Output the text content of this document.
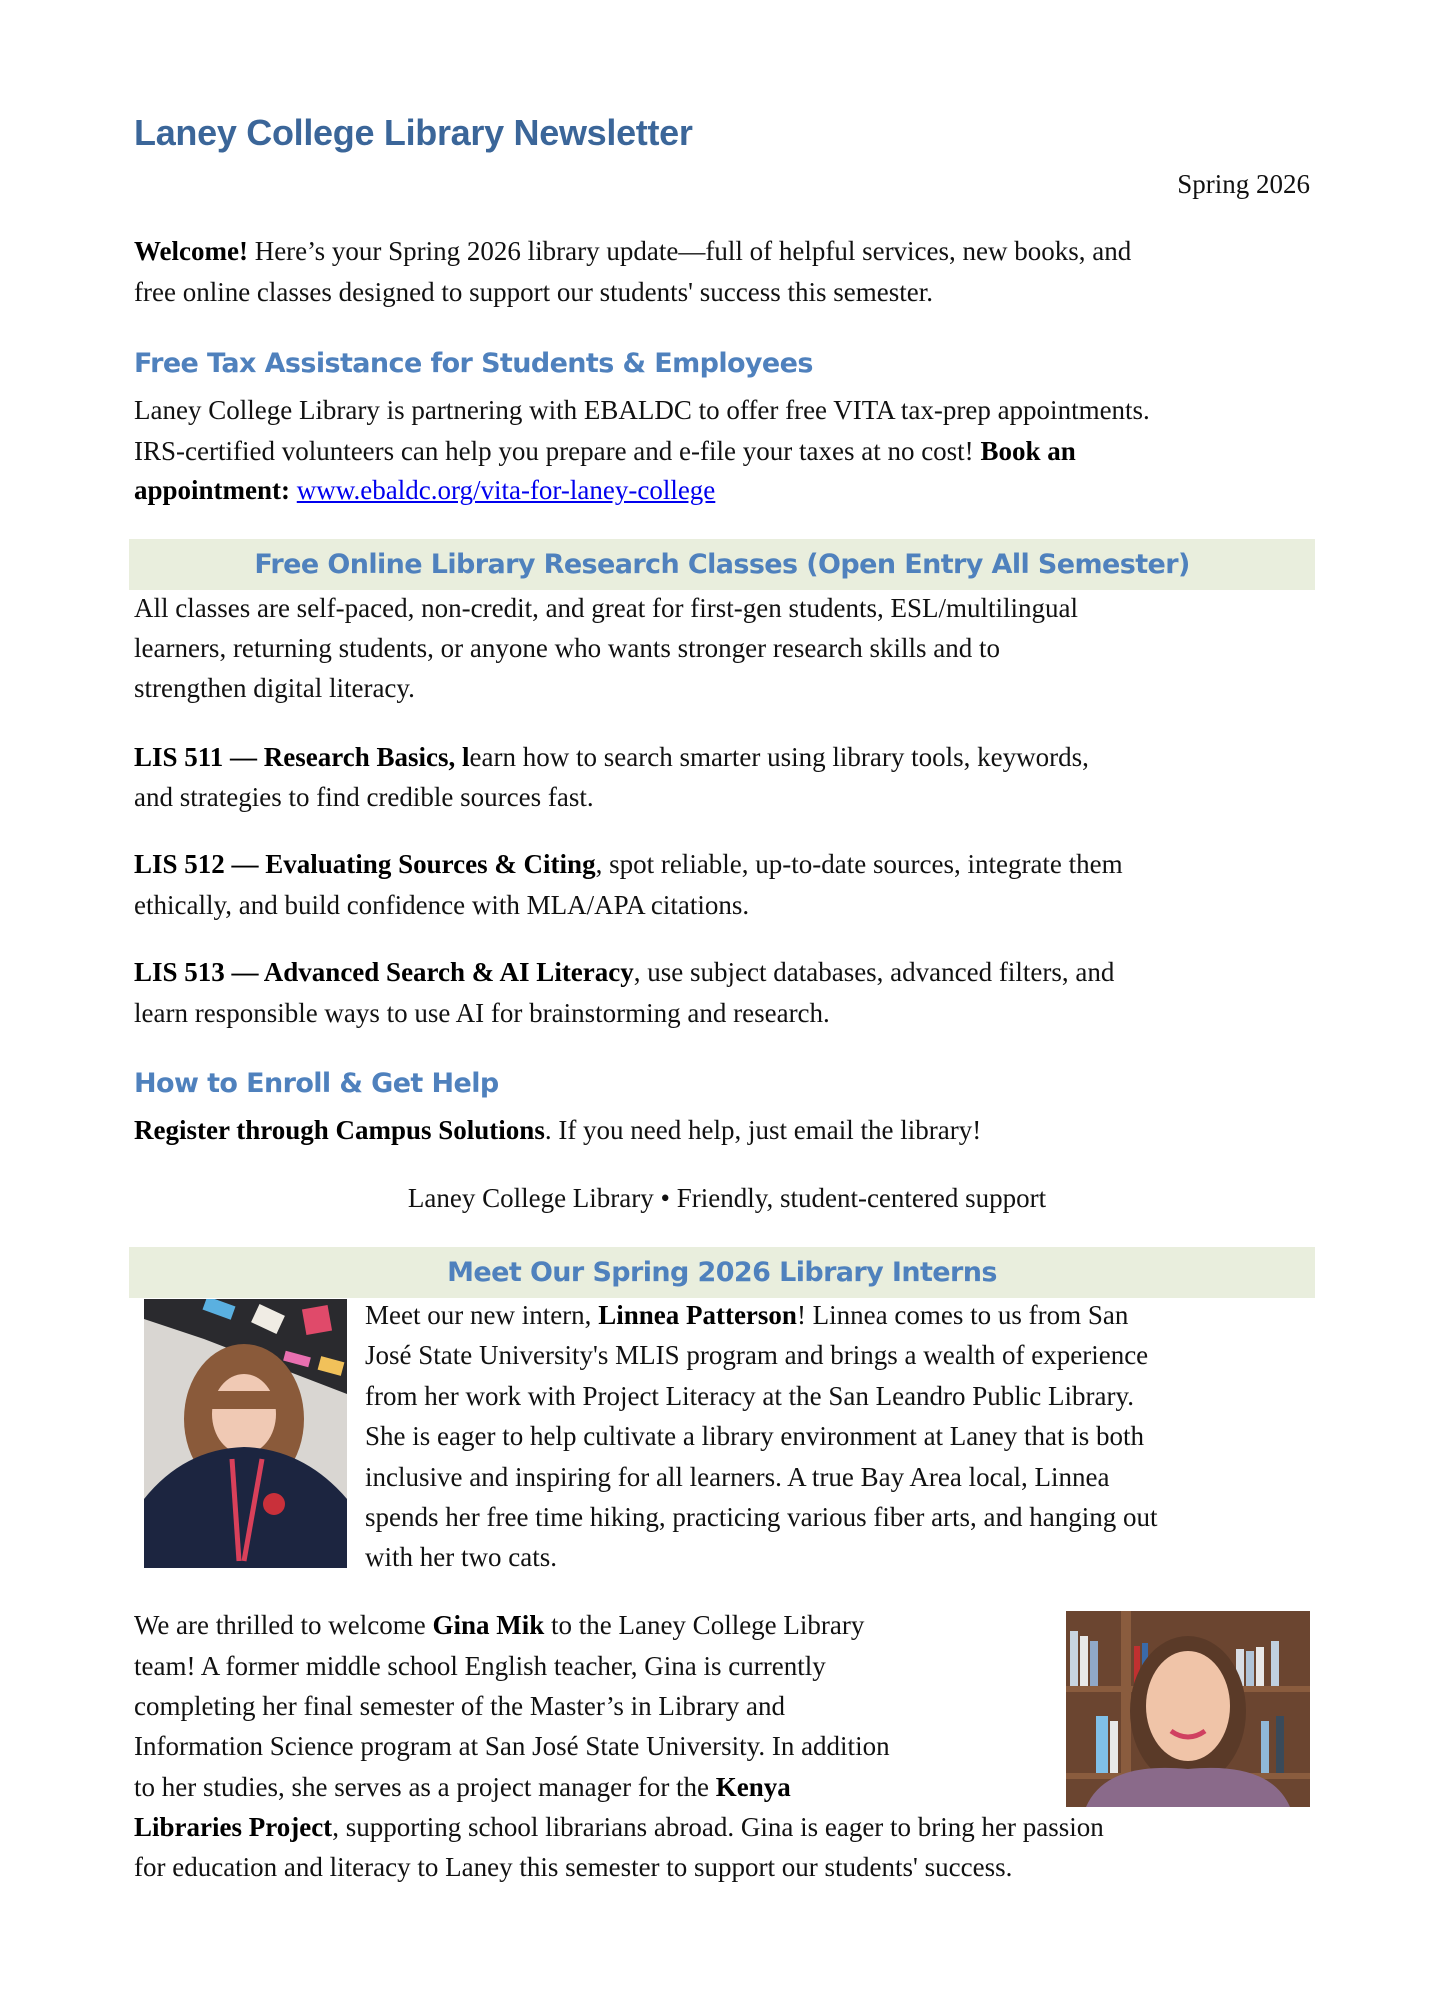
Laney College Library Newsletter
Spring 2026
Welcome! Here’s your Spring 2026 library update—full of helpful services, new books, and
free online classes designed to support our students' success this semester.
Free Tax Assistance for Students & Employees
Laney College Library is partnering with EBALDC to offer free VITA tax-prep appointments.
IRS-certified volunteers can help you prepare and e-file your taxes at no cost! Book an
appointment: www.ebaldc.org/vita-for-laney-college
Free Online Library Research Classes (Open Entry All Semester)
All classes are self-paced, non-credit, and great for first-gen students, ESL/multilingual
learners, returning students, or anyone who wants stronger research skills and to
strengthen digital literacy.
LIS 511 — Research Basics, learn how to search smarter using library tools, keywords,
and strategies to find credible sources fast.
LIS 512 — Evaluating Sources & Citing, spot reliable, up-to-date sources, integrate them
ethically, and build confidence with MLA/APA citations.
LIS 513 — Advanced Search & AI Literacy, use subject databases, advanced filters, and
learn responsible ways to use AI for brainstorming and research.
How to Enroll & Get Help
Register through Campus Solutions. If you need help, just email the library!
Laney College Library • Friendly, student-centered support
Meet Our Spring 2026 Library Interns
Meet our new intern, Linnea Patterson! Linnea comes to us from San
José State University's MLIS program and brings a wealth of experience
from her work with Project Literacy at the San Leandro Public Library.
She is eager to help cultivate a library environment at Laney that is both
inclusive and inspiring for all learners. A true Bay Area local, Linnea
spends her free time hiking, practicing various fiber arts, and hanging out
with her two cats.
We are thrilled to welcome Gina Mik to the Laney College Library
team! A former middle school English teacher, Gina is currently
completing her final semester of the Master’s in Library and
Information Science program at San José State University. In addition
to her studies, she serves as a project manager for the Kenya
Libraries Project, supporting school librarians abroad. Gina is eager to bring her passion
for education and literacy to Laney this semester to support our students' success.
